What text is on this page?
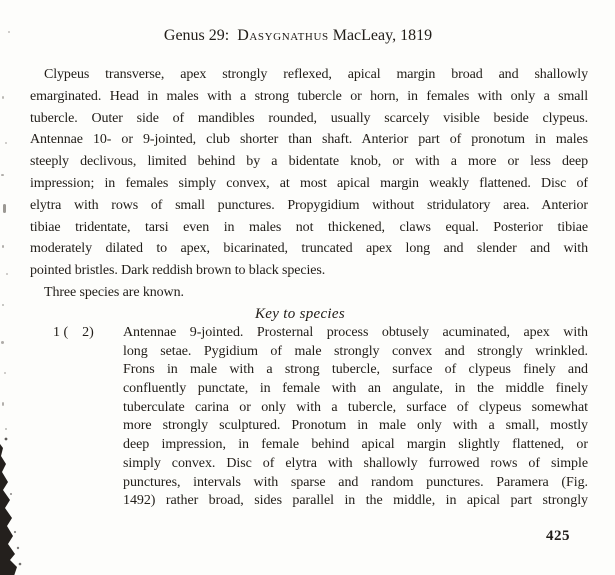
Genus 29:  Dasygnathus MacLeay, 1819
Clypeus transverse, apex strongly reflexed, apical margin broad and shallowly
emarginated. Head in males with a strong tubercle or horn, in females with only a small
tubercle. Outer side of mandibles rounded, usually scarcely visible beside clypeus.
Antennae 10- or 9-jointed, club shorter than shaft. Anterior part of pronotum in males
steeply declivous, limited behind by a bidentate knob, or with a more or less deep
impression; in females simply convex, at most apical margin weakly flattened. Disc of
elytra with rows of small punctures. Propygidium without stridulatory area. Anterior
tibiae tridentate, tarsi even in males not thickened, claws equal. Posterior tibiae
moderately dilated to apex, bicarinated, truncated apex long and slender and with
pointed bristles. Dark reddish brown to black species.
Three species are known.
Key to species
1 (    2) Antennae 9-jointed. Prosternal process obtusely acuminated, apex with
long setae. Pygidium of male strongly convex and strongly wrinkled.
Frons in male with a strong tubercle, surface of clypeus finely and
confluently punctate, in female with an angulate, in the middle finely
tuberculate carina or only with a tubercle, surface of clypeus somewhat
more strongly sculptured. Pronotum in male only with a small, mostly
deep impression, in female behind apical margin slightly flattened, or
simply convex. Disc of elytra with shallowly furrowed rows of simple
punctures, intervals with sparse and random punctures. Paramera (Fig.
1492) rather broad, sides parallel in the middle, in apical part strongly
425
